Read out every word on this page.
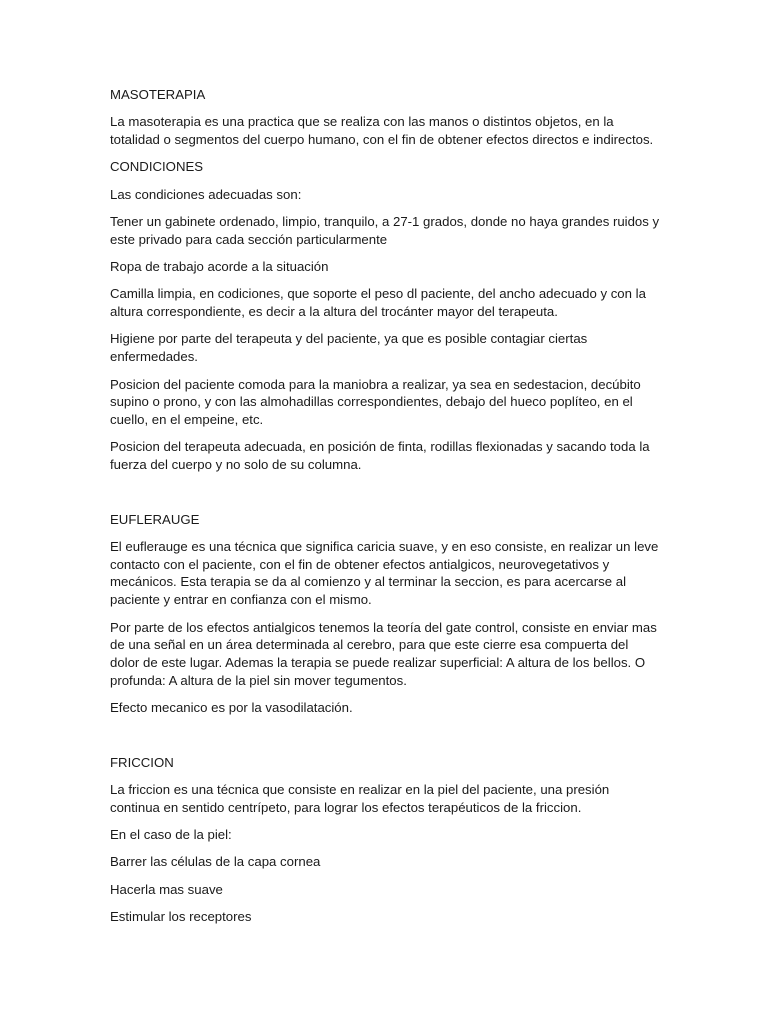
MASOTERAPIA
La masoterapia es una practica que se realiza con las manos o distintos objetos, en la totalidad o segmentos del cuerpo humano, con el fin de obtener efectos directos e indirectos.
CONDICIONES
Las condiciones adecuadas son:
Tener un gabinete ordenado, limpio, tranquilo, a 27-1 grados, donde no haya grandes ruidos y este privado para cada sección particularmente
Ropa de trabajo acorde a la situación
Camilla limpia, en codiciones, que soporte el peso dl paciente, del ancho adecuado y con la altura correspondiente, es decir a la altura del trocánter mayor del terapeuta.
Higiene por parte del terapeuta y del paciente, ya que es posible contagiar ciertas enfermedades.
Posicion del paciente comoda para la maniobra a realizar, ya sea en sedestacion, decúbito supino o prono, y con las almohadillas correspondientes, debajo del hueco poplíteo, en el cuello, en el empeine, etc.
Posicion del terapeuta adecuada, en posición de finta, rodillas flexionadas y sacando toda la fuerza del cuerpo y no solo de su columna.
EUFLERAUGE
El euflerauge es una técnica que significa caricia suave, y en eso consiste, en realizar un leve contacto con el paciente, con el fin de obtener efectos antialgicos, neurovegetativos y mecánicos. Esta terapia se da al comienzo y al terminar la seccion, es para acercarse al paciente y entrar en confianza con el mismo.
Por parte de los efectos antialgicos tenemos la teoría del gate control, consiste en enviar mas de una señal en un área determinada al cerebro, para que este cierre esa compuerta del dolor de este lugar. Ademas la terapia se puede realizar superficial: A altura de los bellos. O profunda: A altura de la piel sin mover tegumentos.
Efecto mecanico es por la vasodilatación.
FRICCION
La friccion es una técnica que consiste en realizar en la piel del paciente, una presión continua en sentido centrípeto, para lograr los efectos terapéuticos de la friccion.
En el caso de la piel:
Barrer las células de la capa cornea
Hacerla mas suave
Estimular los receptores
